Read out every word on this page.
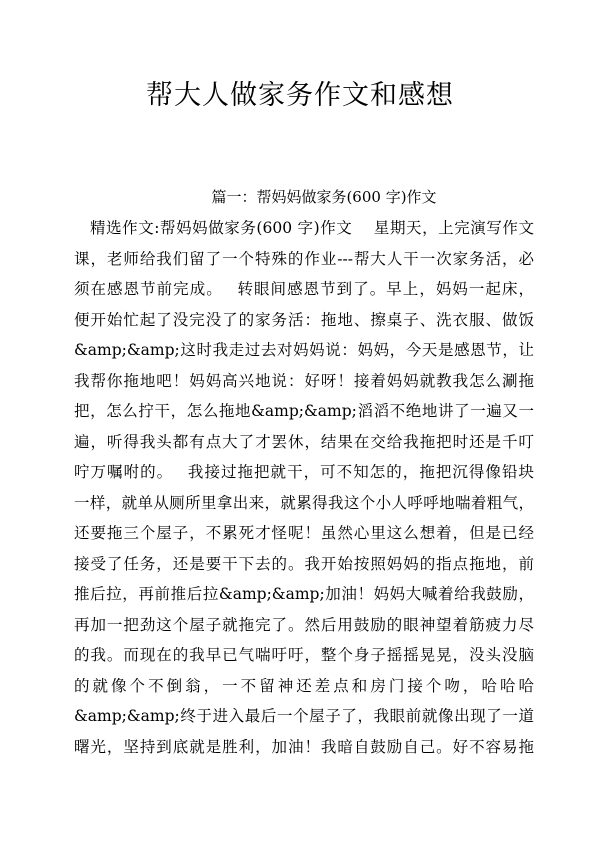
帮大人做家务作文和感想
篇一：帮妈妈做家务(600 字)作文
精选作文:帮妈妈做家务(600 字)作文　 星期天，上完演写作文
课，老师给我们留了一个特殊的作业---帮大人干一次家务活，必
须在感恩节前完成。　 转眼间感恩节到了。早上，妈妈一起床，
便开始忙起了没完没了的家务活：拖地、擦桌子、洗衣服、做饭
&amp;&amp;这时我走过去对妈妈说：妈妈，今天是感恩节，让
我帮你拖地吧！妈妈高兴地说：好呀！接着妈妈就教我怎么涮拖
把，怎么拧干，怎么拖地&amp;&amp;滔滔不绝地讲了一遍又一
遍，听得我头都有点大了才罢休，结果在交给我拖把时还是千叮
咛万嘱咐的。　 我接过拖把就干，可不知怎的，拖把沉得像铅块
一样，就单从厕所里拿出来，就累得我这个小人呼呼地喘着粗气，
还要拖三个屋子，不累死才怪呢！虽然心里这么想着，但是已经
接受了任务，还是要干下去的。我开始按照妈妈的指点拖地，前
推后拉，再前推后拉&amp;&amp;加油！妈妈大喊着给我鼓励，
再加一把劲这个屋子就拖完了。然后用鼓励的眼神望着筋疲力尽
的我。而现在的我早已气喘吁吁，整个身子摇摇晃晃，没头没脑
的就像个不倒翁，一不留神还差点和房门接个吻，哈哈哈
&amp;&amp;终于进入最后一个屋子了，我眼前就像出现了一道
曙光，坚持到底就是胜利，加油！我暗自鼓励自己。好不容易拖
